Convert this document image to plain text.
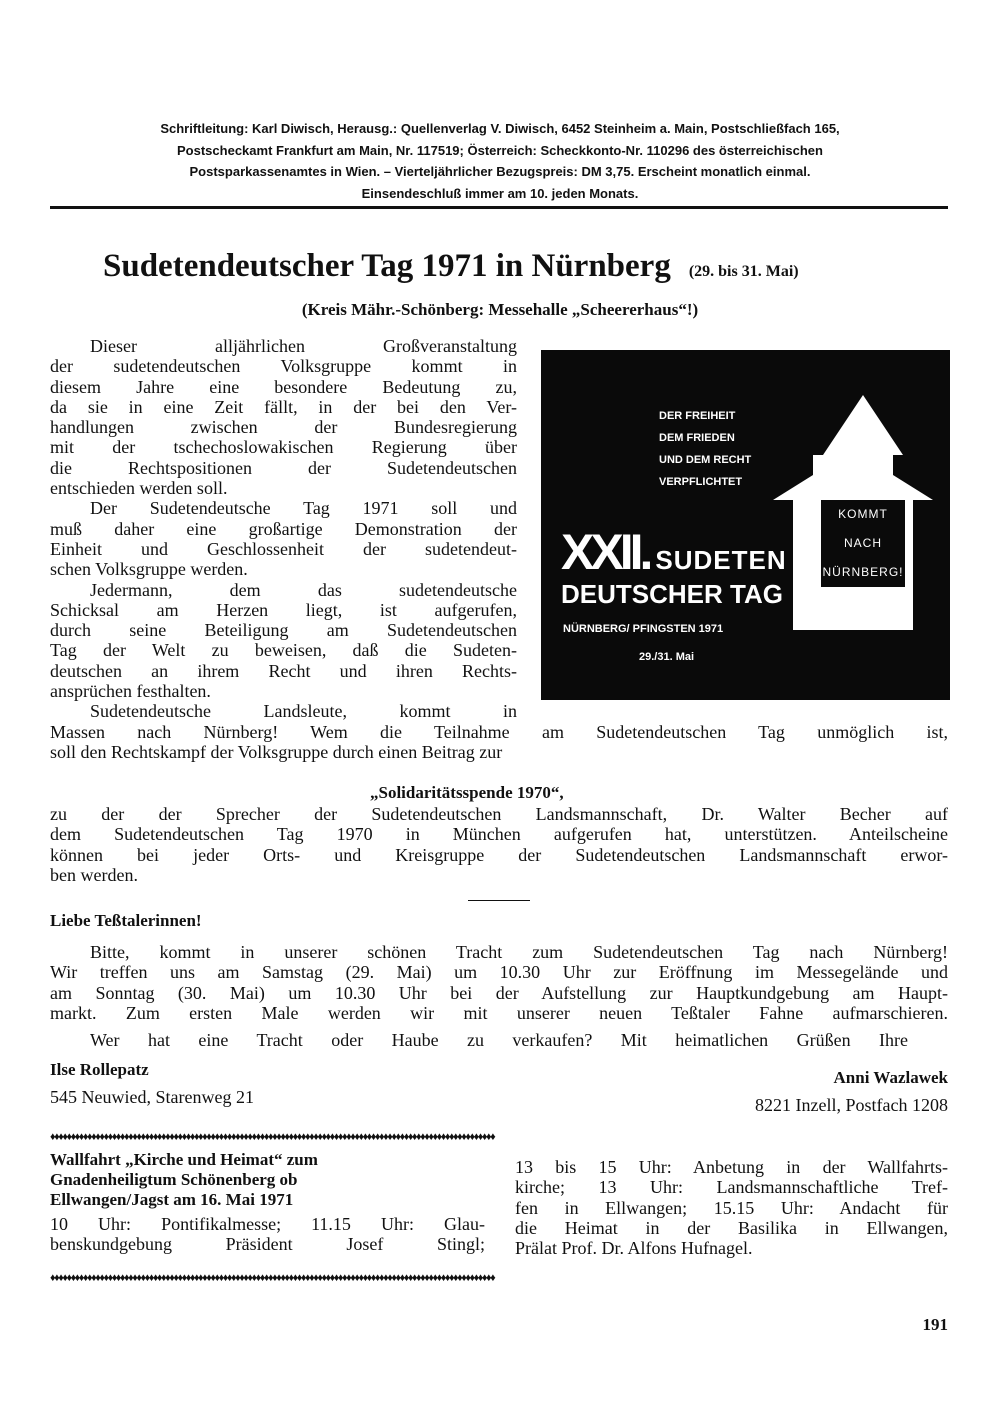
Schriftleitung: Karl Diwisch, Herausg.: Quellenverlag V. Diwisch, 6452 Steinheim a. Main, Postschließfach 165,
Postscheckamt Frankfurt am Main, Nr. 117519; Österreich: Scheckkonto-Nr. 110296 des österreichischen
Postsparkassenamtes in Wien. – Vierteljährlicher Bezugspreis: DM 3,75. Erscheint monatlich einmal.
Einsendeschluß immer am 10. jeden Monats.
Sudetendeutscher Tag 1971 in Nürnberg (29. bis 31. Mai)
(Kreis Mähr.-Schönberg: Messehalle „Scheererhaus“!)
Dieser alljährlichen Großveranstaltung
der sudetendeutschen Volksgruppe kommt in
diesem Jahre eine besondere Bedeutung zu,
da sie in eine Zeit fällt, in der bei den Ver-
handlungen zwischen der Bundesregierung
mit der tschechoslowakischen Regierung über
die Rechtspositionen der Sudetendeutschen
entschieden werden soll.
Der Sudetendeutsche Tag 1971 soll und
muß daher eine großartige Demonstration der
Einheit und Geschlossenheit der sudetendeut-
schen Volksgruppe werden.
Jedermann, dem das sudetendeutsche
Schicksal am Herzen liegt, ist aufgerufen,
durch seine Beteiligung am Sudetendeutschen
Tag der Welt zu beweisen, daß die Sudeten-
deutschen an ihrem Recht und ihren Rechts-
ansprüchen festhalten.
Sudetendeutsche Landsleute, kommt in
DER FREIHEIT
DEM FRIEDEN
UND DEM RECHT
VERPFLICHTET
XXII. SUDETEN
DEUTSCHER TAG
NÜRNBERG/ PFINGSTEN 1971
29./31. Mai
KOMMT
NACH
NÜRNBERG!
Massen nach Nürnberg! Wem die Teilnahme am Sudetendeutschen Tag unmöglich ist,
soll den Rechtskampf der Volksgruppe durch einen Beitrag zur
„Solidaritätsspende 1970“,
zu der der Sprecher der Sudetendeutschen Landsmannschaft, Dr. Walter Becher auf
dem Sudetendeutschen Tag 1970 in München aufgerufen hat, unterstützen. Anteilscheine
können bei jeder Orts- und Kreisgruppe der Sudetendeutschen Landsmannschaft erwor-
ben werden.
Liebe Teßtalerinnen!
Bitte, kommt in unserer schönen Tracht zum Sudetendeutschen Tag nach Nürnberg!
Wir treffen uns am Samstag (29. Mai) um 10.30 Uhr zur Eröffnung im Messegelände und
am Sonntag (30. Mai) um 10.30 Uhr bei der Aufstellung zur Hauptkundgebung am Haupt-
markt. Zum ersten Male werden wir mit unserer neuen Teßtaler Fahne aufmarschieren.
Wer hat eine Tracht oder Haube zu verkaufen? Mit heimatlichen Grüßen Ihre
Ilse Rollepatz
545 Neuwied, Starenweg 21
Anni Wazlawek
8221 Inzell, Postfach 1208
♦♦♦♦♦♦♦♦♦♦♦♦♦♦♦♦♦♦♦♦♦♦♦♦♦♦♦♦♦♦♦♦♦♦♦♦♦♦♦♦♦♦♦♦♦♦♦♦♦♦♦♦♦♦♦♦♦♦♦♦♦♦♦♦♦♦♦♦♦♦♦♦♦♦♦♦♦♦♦♦♦♦♦♦♦♦♦♦♦♦♦♦♦♦♦♦♦♦♦♦♦♦♦♦♦♦♦♦
Wallfahrt „Kirche und Heimat“ zum
Gnadenheiligtum Schönenberg ob
Ellwangen/Jagst am 16. Mai 1971
10 Uhr: Pontifikalmesse; 11.15 Uhr: Glau-
benskundgebung Präsident Josef Stingl;
13 bis 15 Uhr: Anbetung in der Wallfahrts-
kirche; 13 Uhr: Landsmannschaftliche Tref-
fen in Ellwangen; 15.15 Uhr: Andacht für
die Heimat in der Basilika in Ellwangen,
Prälat Prof. Dr. Alfons Hufnagel.
♦♦♦♦♦♦♦♦♦♦♦♦♦♦♦♦♦♦♦♦♦♦♦♦♦♦♦♦♦♦♦♦♦♦♦♦♦♦♦♦♦♦♦♦♦♦♦♦♦♦♦♦♦♦♦♦♦♦♦♦♦♦♦♦♦♦♦♦♦♦♦♦♦♦♦♦♦♦♦♦♦♦♦♦♦♦♦♦♦♦♦♦♦♦♦♦♦♦♦♦♦♦♦♦♦♦♦♦
191
